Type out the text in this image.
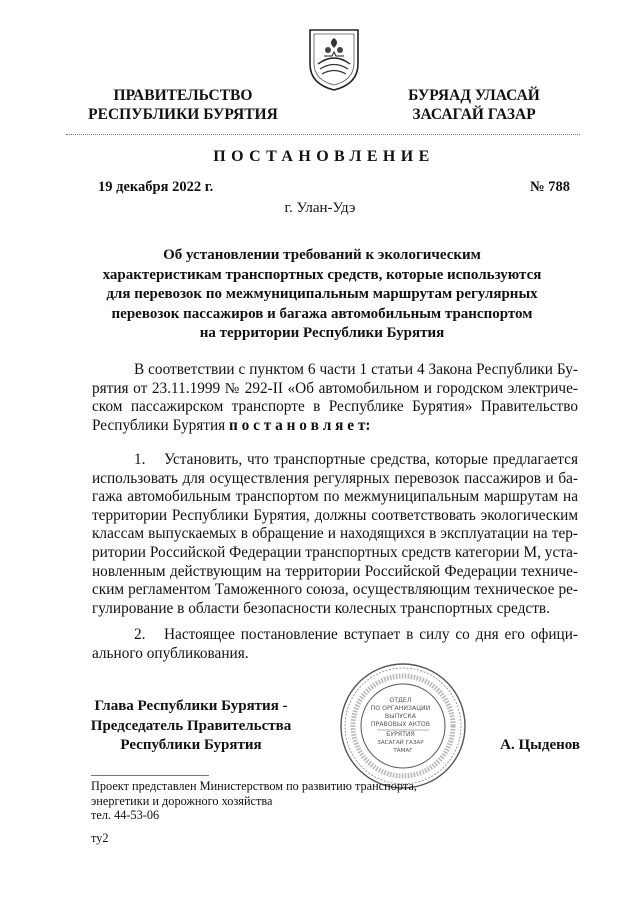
ПРАВИТЕЛЬСТВО
РЕСПУБЛИКИ БУРЯТИЯ
БУРЯАД УЛАСАЙ
ЗАСАГАЙ ГАЗАР
ПОСТАНОВЛЕНИЕ
19 декабря 2022 г.	№ 788
г. Улан-Удэ
Об установлении требований к экологическим
характеристикам транспортных средств, которые используются
для перевозок по межмуниципальным маршрутам регулярных
перевозок пассажиров и багажа автомобильным транспортом
на территории Республики Бурятия
В соответствии с пунктом 6 части 1 статьи 4 Закона Республики Бу-
рятия от 23.11.1999 № 292-II «Об автомобильном и городском электриче-
ском пассажирском транспорте в Республике Бурятия» Правительство
Республики Бурятия п о с т а н о в л я е т:
1. Установить, что транспортные средства, которые предлагается
использовать для осуществления регулярных перевозок пассажиров и ба-
гажа автомобильным транспортом по межмуниципальным маршрутам на
территории Республики Бурятия, должны соответствовать экологическим
классам выпускаемых в обращение и находящихся в эксплуатации на тер-
ритории Российской Федерации транспортных средств категории М, уста-
новленным действующим на территории Российской Федерации техниче-
ским регламентом Таможенного союза, осуществляющим техническое ре-
гулирование в области безопасности колесных транспортных средств.
2. Настоящее постановление вступает в силу со дня его офици-
ального опубликования.
ОТДЕЛ ПО ОРГАНИЗАЦИИ ВЫПУСКА ПРАВОВЫХ АКТОВ БУРЯТИЯ ЗАСАГАЙ ГАЗАР ТАМАГ
Глава Республики Бурятия -
Председатель Правительства
Республики Бурятия	А. Цыденов
Проект представлен Министерством по развитию транспорта,
энергетики и дорожного хозяйства
тел. 44-53-06
ту2
